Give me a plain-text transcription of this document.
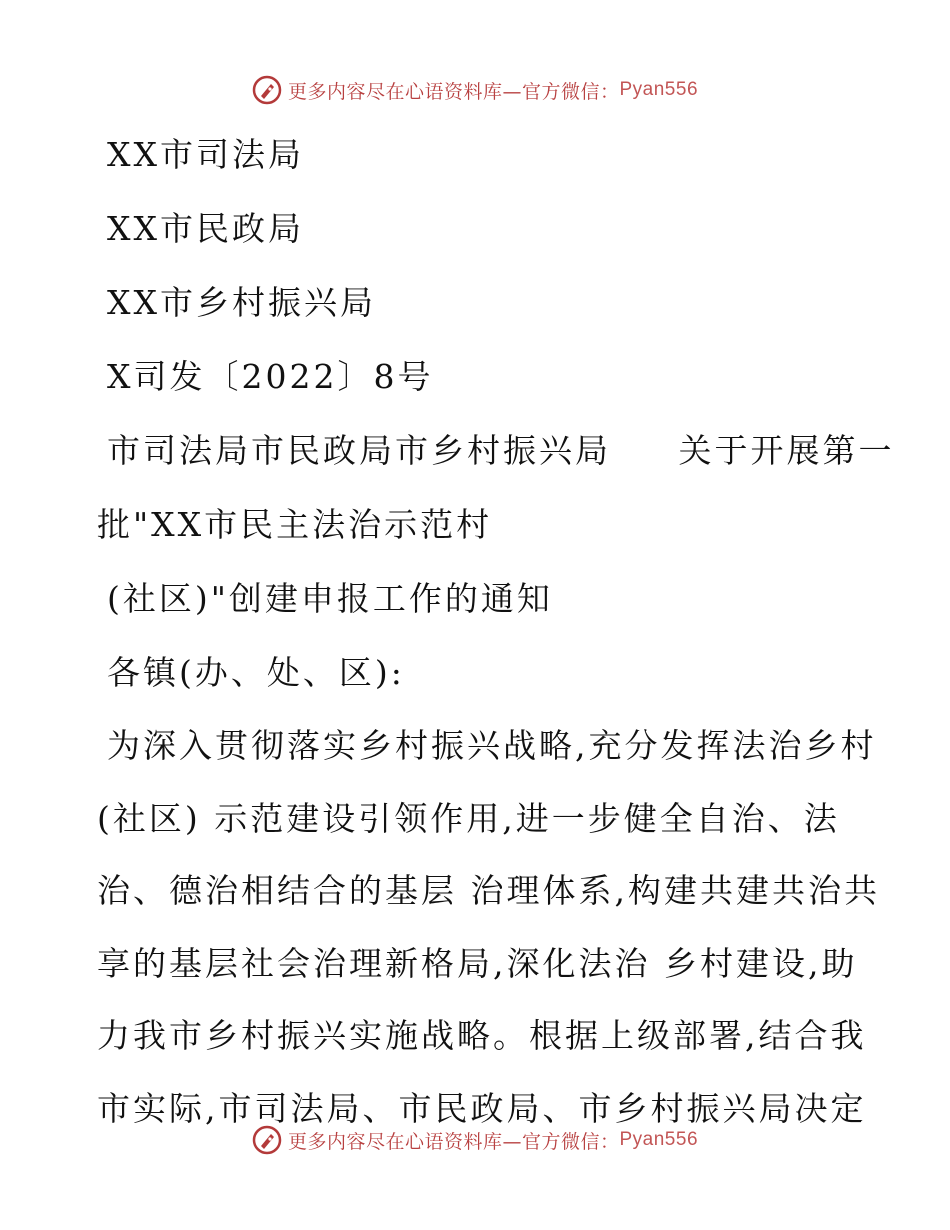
更多内容尽在心语资料库—官方微信： Pyan556
XX市司法局
XX市民政局
XX市乡村振兴局
X司发〔2022〕8号
市司法局市民政局市乡村振兴局     关于开展第一
批"XX市民主法治示范村
(社区)"创建申报工作的通知
各镇(办、处、区):
为深入贯彻落实乡村振兴战略,充分发挥法治乡村
(社区) 示范建设引领作用,进一步健全自治、法
治、德治相结合的基层 治理体系,构建共建共治共
享的基层社会治理新格局,深化法治 乡村建设,助
力我市乡村振兴实施战略。根据上级部署,结合我
市实际,市司法局、市民政局、市乡村振兴局决定
更多内容尽在心语资料库—官方微信： Pyan556
